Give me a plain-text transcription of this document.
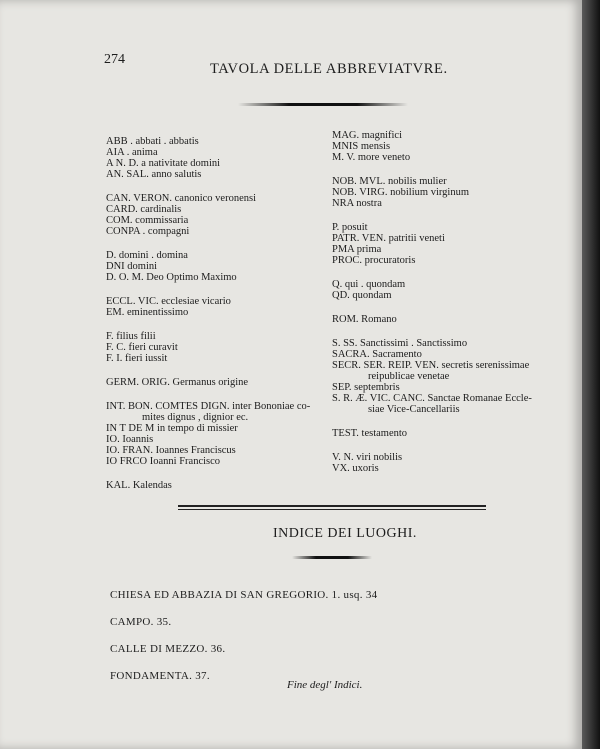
274
TAVOLA DELLE ABBREVIATVRE.
ABB . abbati . abbatis
AIA . anima
A N. D. a nativitate domini
AN. SAL. anno salutis
CAN. VERON. canonico veronensi
CARD. cardinalis
COM. commissaria
CONPA . compagni
D. domini . domina
DNI domini
D. O. M. Deo Optimo Maximo
ECCL. VIC. ecclesiae vicario
EM. eminentissimo
F. filius filii
F. C. fieri curavit
F. I. fieri iussit
GERM. ORIG. Germanus origine
INT. BON. COMTES DIGN. inter Bononiae co-
mites dignus , dignior ec.
IN T DE M in tempo di missier
IO. Ioannis
IO. FRAN. Ioannes Franciscus
IO FRCO Ioanni Francisco
KAL. Kalendas
MAG. magnifici
MNIS mensis
M. V. more veneto
NOB. MVL. nobilis mulier
NOB. VIRG. nobilium virginum
NRA nostra
P. posuit
PATR. VEN. patritii veneti
PMA prima
PROC. procuratoris
Q. qui . quondam
QD. quondam
ROM. Romano
S. SS. Sanctissimi . Sanctissimo
SACRA. Sacramento
SECR. SER. REIP. VEN. secretis serenissimae
reipublicae venetae
SEP. septembris
S. R. Æ. VIC. CANC. Sanctae Romanae Eccle-
siae Vice-Cancellariis
TEST. testamento
V. N. viri nobilis
VX. uxoris
INDICE DEI LUOGHI.
CHIESA ED ABBAZIA DI SAN GREGORIO. 1. usq. 34
CAMPO. 35.
CALLE DI MEZZO. 36.
FONDAMENTA. 37.
Fine degl' Indici.
